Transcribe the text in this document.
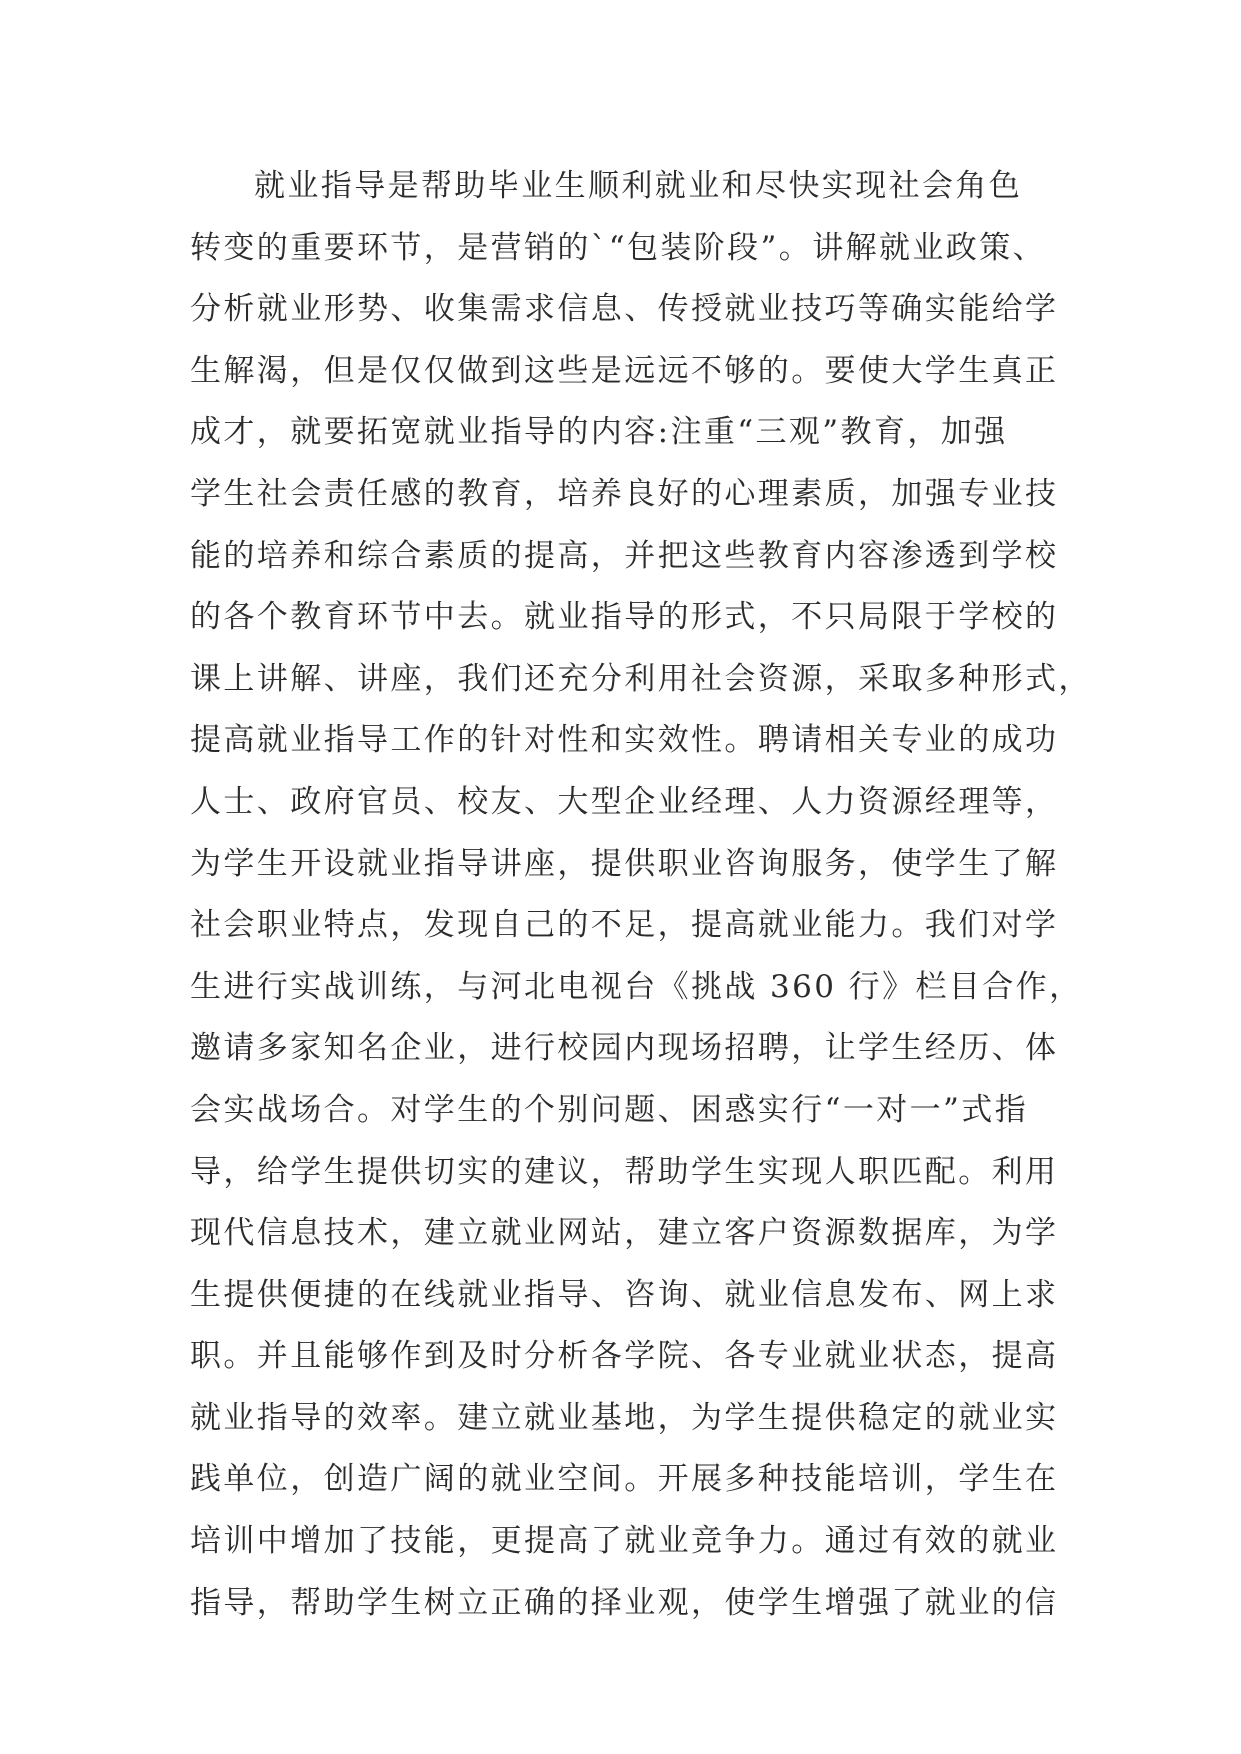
就业指导是帮助毕业生顺利就业和尽快实现社会角色
转变的重要环节，是营销的`“包装阶段”。讲解就业政策、
分析就业形势、收集需求信息、传授就业技巧等确实能给学
生解渴，但是仅仅做到这些是远远不够的。要使大学生真正
成才，就要拓宽就业指导的内容:注重“三观”教育，加强
学生社会责任感的教育，培养良好的心理素质，加强专业技
能的培养和综合素质的提高，并把这些教育内容渗透到学校
的各个教育环节中去。就业指导的形式，不只局限于学校的
课上讲解、讲座，我们还充分利用社会资源，采取多种形式，
提高就业指导工作的针对性和实效性。聘请相关专业的成功
人士、政府官员、校友、大型企业经理、人力资源经理等，
为学生开设就业指导讲座，提供职业咨询服务，使学生了解
社会职业特点，发现自己的不足，提高就业能力。我们对学
生进行实战训练，与河北电视台《挑战 360 行》栏目合作，
邀请多家知名企业，进行校园内现场招聘，让学生经历、体
会实战场合。对学生的个别问题、困惑实行“一对一”式指
导，给学生提供切实的建议，帮助学生实现人职匹配。利用
现代信息技术，建立就业网站，建立客户资源数据库，为学
生提供便捷的在线就业指导、咨询、就业信息发布、网上求
职。并且能够作到及时分析各学院、各专业就业状态，提高
就业指导的效率。建立就业基地，为学生提供稳定的就业实
践单位，创造广阔的就业空间。开展多种技能培训，学生在
培训中增加了技能，更提高了就业竞争力。通过有效的就业
指导，帮助学生树立正确的择业观，使学生增强了就业的信
